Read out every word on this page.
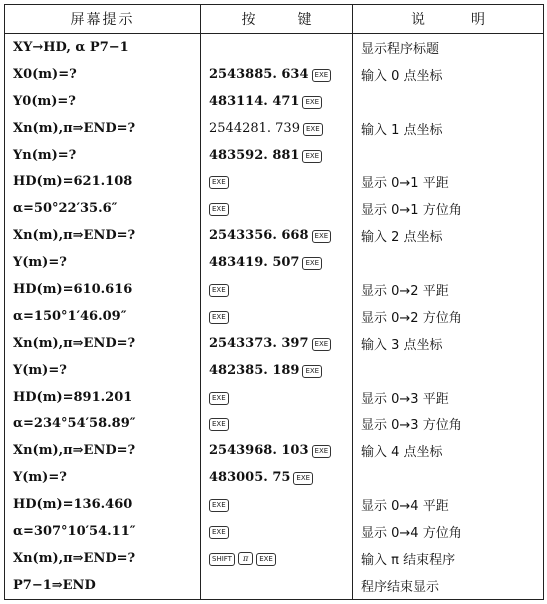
屏幕提示	按　键	说　明
XY→HD, α P7−1		显示程序标题
X0(m)=?	2543885. 634 EXE	输入 0 点坐标
Y0(m)=?	483114. 471 EXE	
Xn(m),π⇒END=?	2544281. 739 EXE	输入 1 点坐标
Yn(m)=?	483592. 881 EXE	
HD(m)=621.108	EXE	显示 0→1 平距
α=50°22′35.6″	EXE	显示 0→1 方位角
Xn(m),π⇒END=?	2543356. 668 EXE	输入 2 点坐标
Y(m)=?	483419. 507 EXE	
HD(m)=610.616	EXE	显示 0→2 平距
α=150°1′46.09″	EXE	显示 0→2 方位角
Xn(m),π⇒END=?	2543373. 397 EXE	输入 3 点坐标
Y(m)=?	482385. 189 EXE	
HD(m)=891.201	EXE	显示 0→3 平距
α=234°54′58.89″	EXE	显示 0→3 方位角
Xn(m),π⇒END=?	2543968. 103 EXE	输入 4 点坐标
Y(m)=?	483005. 75 EXE	
HD(m)=136.460	EXE	显示 0→4 平距
α=307°10′54.11″	EXE	显示 0→4 方位角
Xn(m),π⇒END=?	SHIFT π EXE	输入 π 结束程序
P7−1⇒END		程序结束显示
